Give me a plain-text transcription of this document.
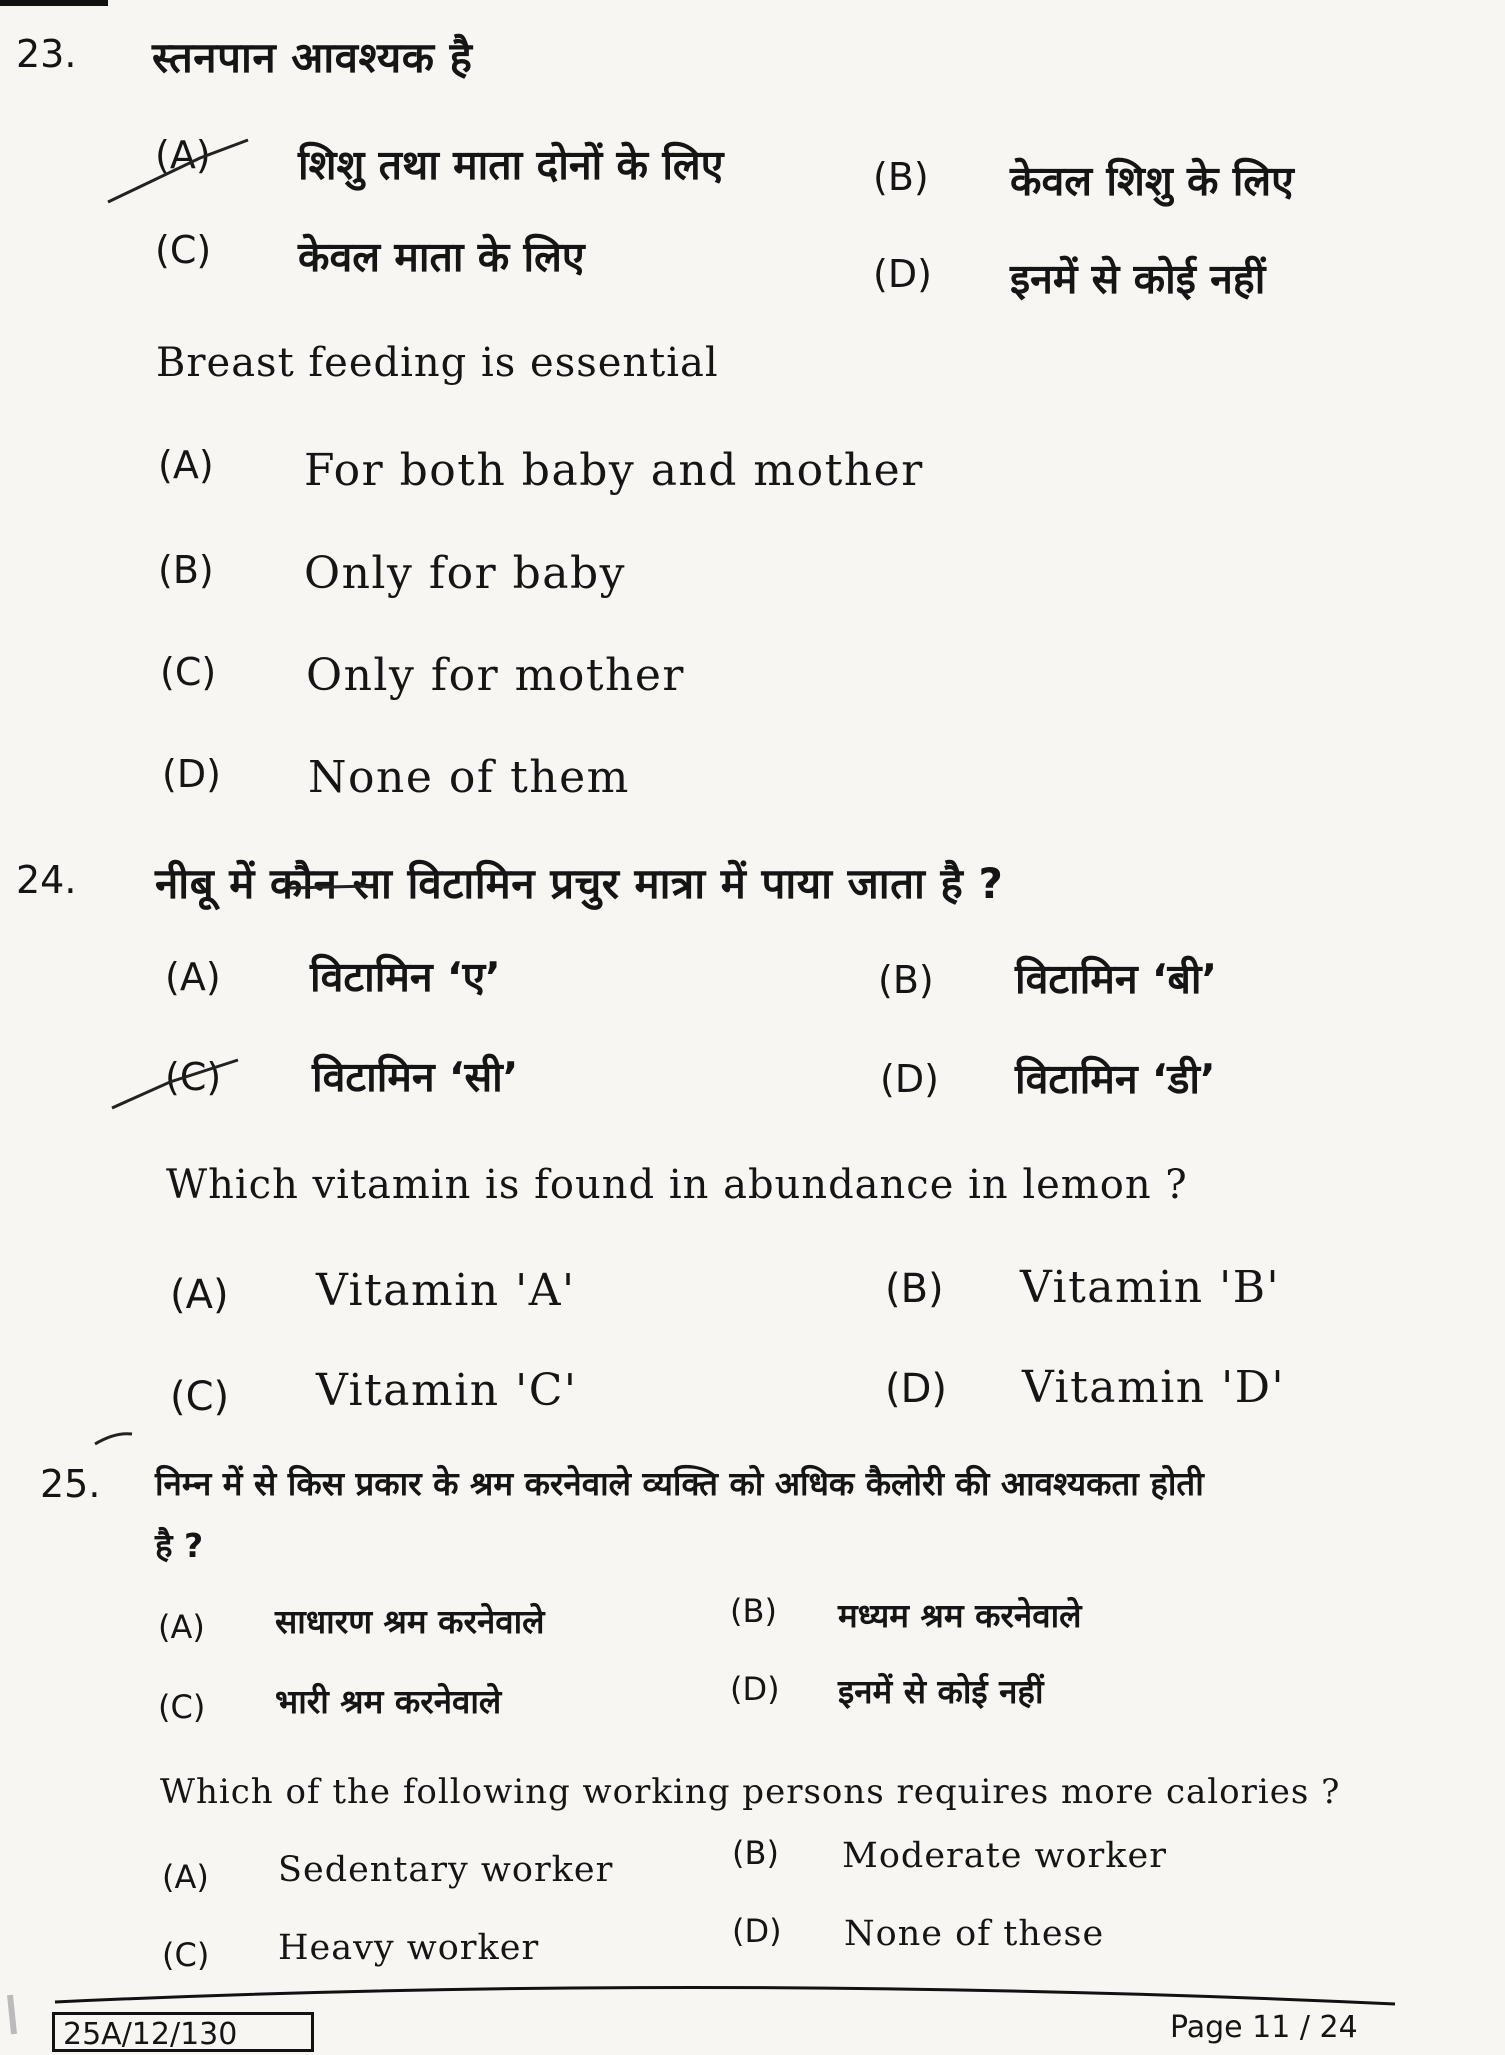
23. स्तनपान आवश्यक है
(A) शिशु तथा माता दोनों के लिए	(B) केवल शिशु के लिए
(C) केवल माता के लिए	(D) इनमें से कोई नहीं
Breast feeding is essential
(A) For both baby and mother
(B) Only for baby
(C) Only for mother
(D) None of them
24. नीबू में कौन सा विटामिन प्रचुर मात्रा में पाया जाता है ?
(A) विटामिन ‘ए’	(B) विटामिन ‘बी’
(C) विटामिन ‘सी’	(D) विटामिन ‘डी’
Which vitamin is found in abundance in lemon ?
(A) Vitamin 'A'	(B) Vitamin 'B'
(C) Vitamin 'C'	(D) Vitamin 'D'
25. निम्न में से किस प्रकार के श्रम करनेवाले व्यक्ति को अधिक कैलोरी की आवश्यकता होती
है ?
(A) साधारण श्रम करनेवाले	(B) मध्यम श्रम करनेवाले
(C) भारी श्रम करनेवाले	(D) इनमें से कोई नहीं
Which of the following working persons requires more calories ?
(A) Sedentary worker	(B) Moderate worker
(C) Heavy worker	(D) None of these
25A/12/130	Page 11 / 24
